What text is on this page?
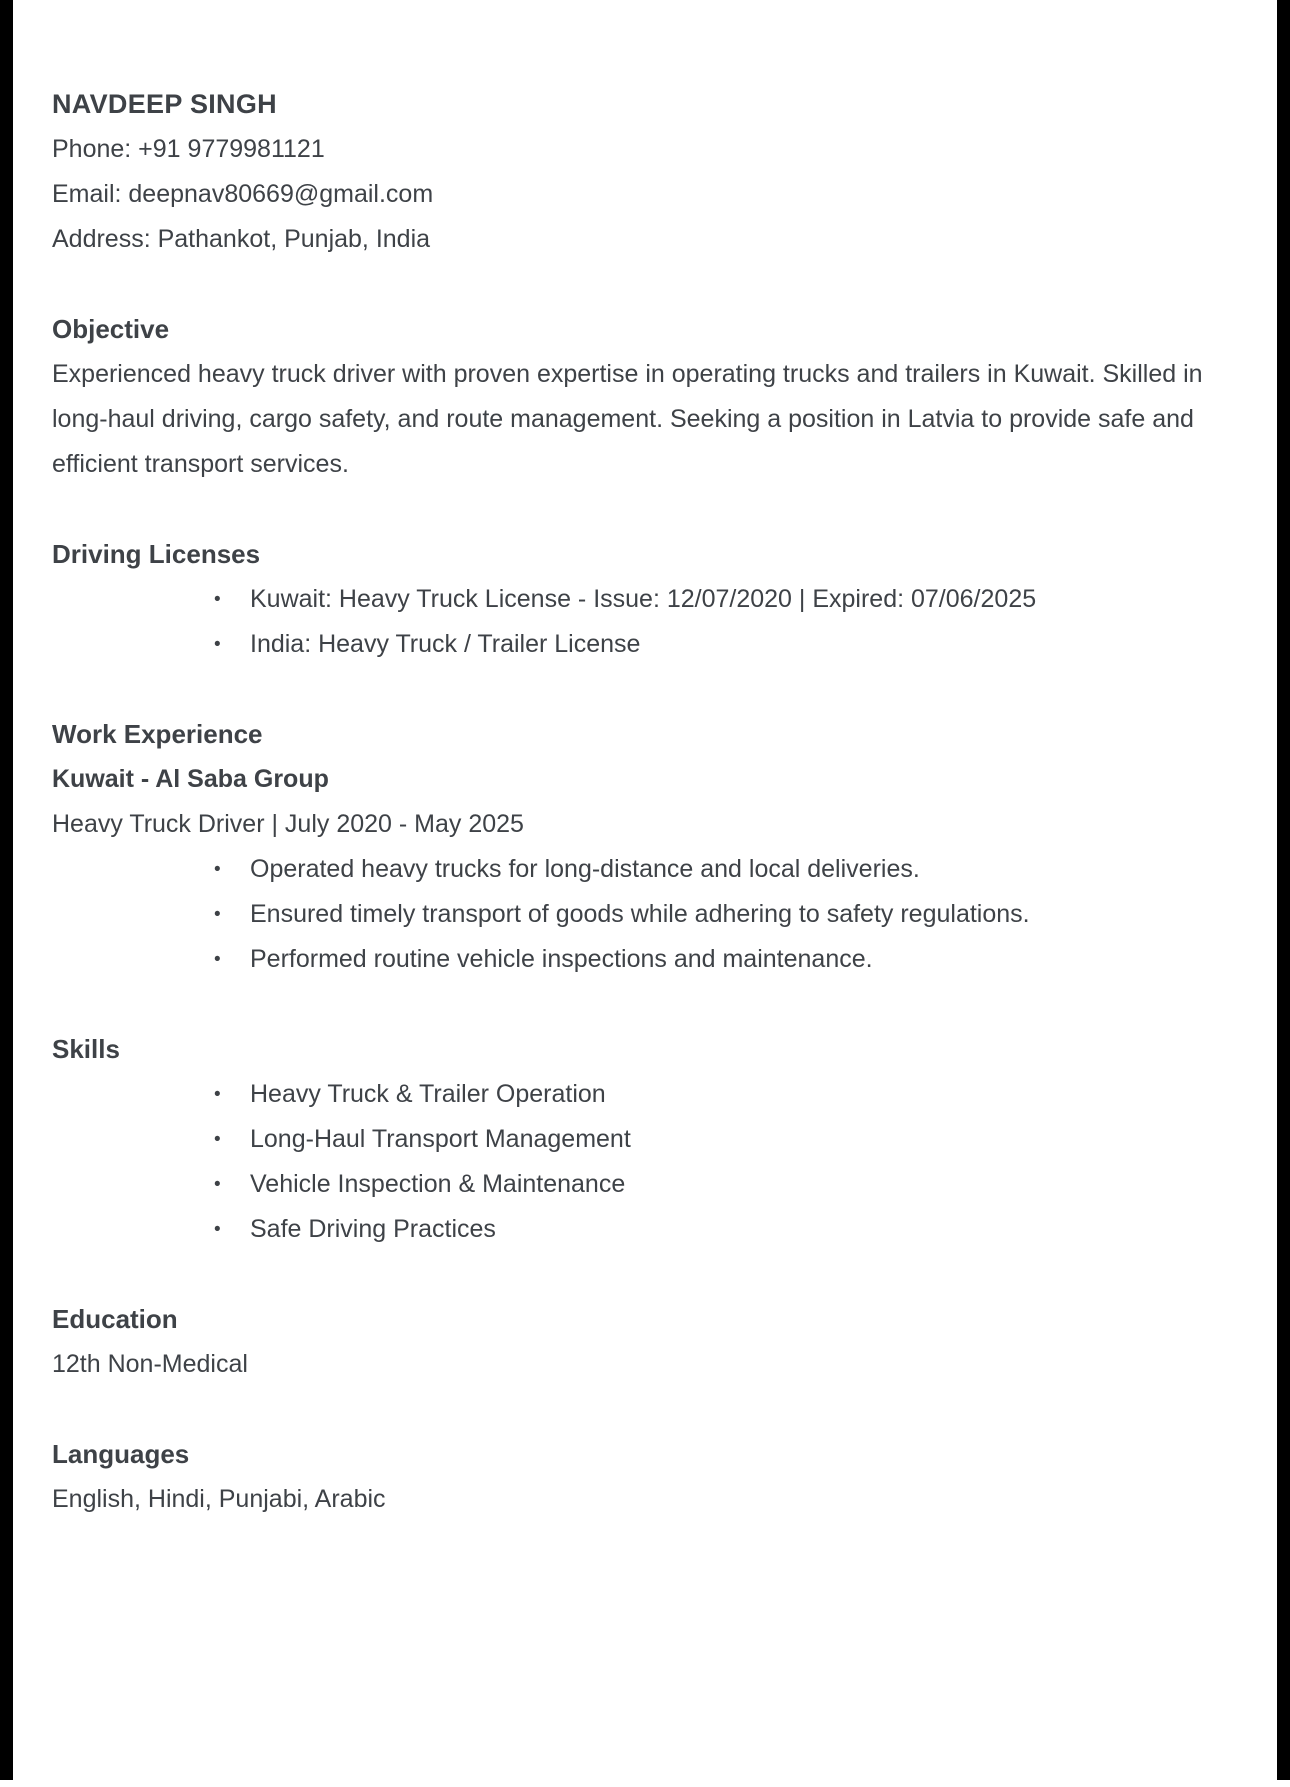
NAVDEEP SINGH

Phone: +91 9779981121

Email: deepnav80669@gmail.com

Address: Pathankot, Punjab, India

Objective

Experienced heavy truck driver with proven expertise in operating trucks and trailers in Kuwait. Skilled in long-haul driving, cargo safety, and route management. Seeking a position in Latvia to provide safe and efficient transport services.

Driving Licenses

• Kuwait: Heavy Truck License - Issue: 12/07/2020 | Expired: 07/06/2025
• India: Heavy Truck / Trailer License

Work Experience

Kuwait - Al Saba Group

Heavy Truck Driver | July 2020 - May 2025

• Operated heavy trucks for long-distance and local deliveries.
• Ensured timely transport of goods while adhering to safety regulations.
• Performed routine vehicle inspections and maintenance.

Skills

• Heavy Truck & Trailer Operation
• Long-Haul Transport Management
• Vehicle Inspection & Maintenance
• Safe Driving Practices

Education

12th Non-Medical

Languages

English, Hindi, Punjabi, Arabic
